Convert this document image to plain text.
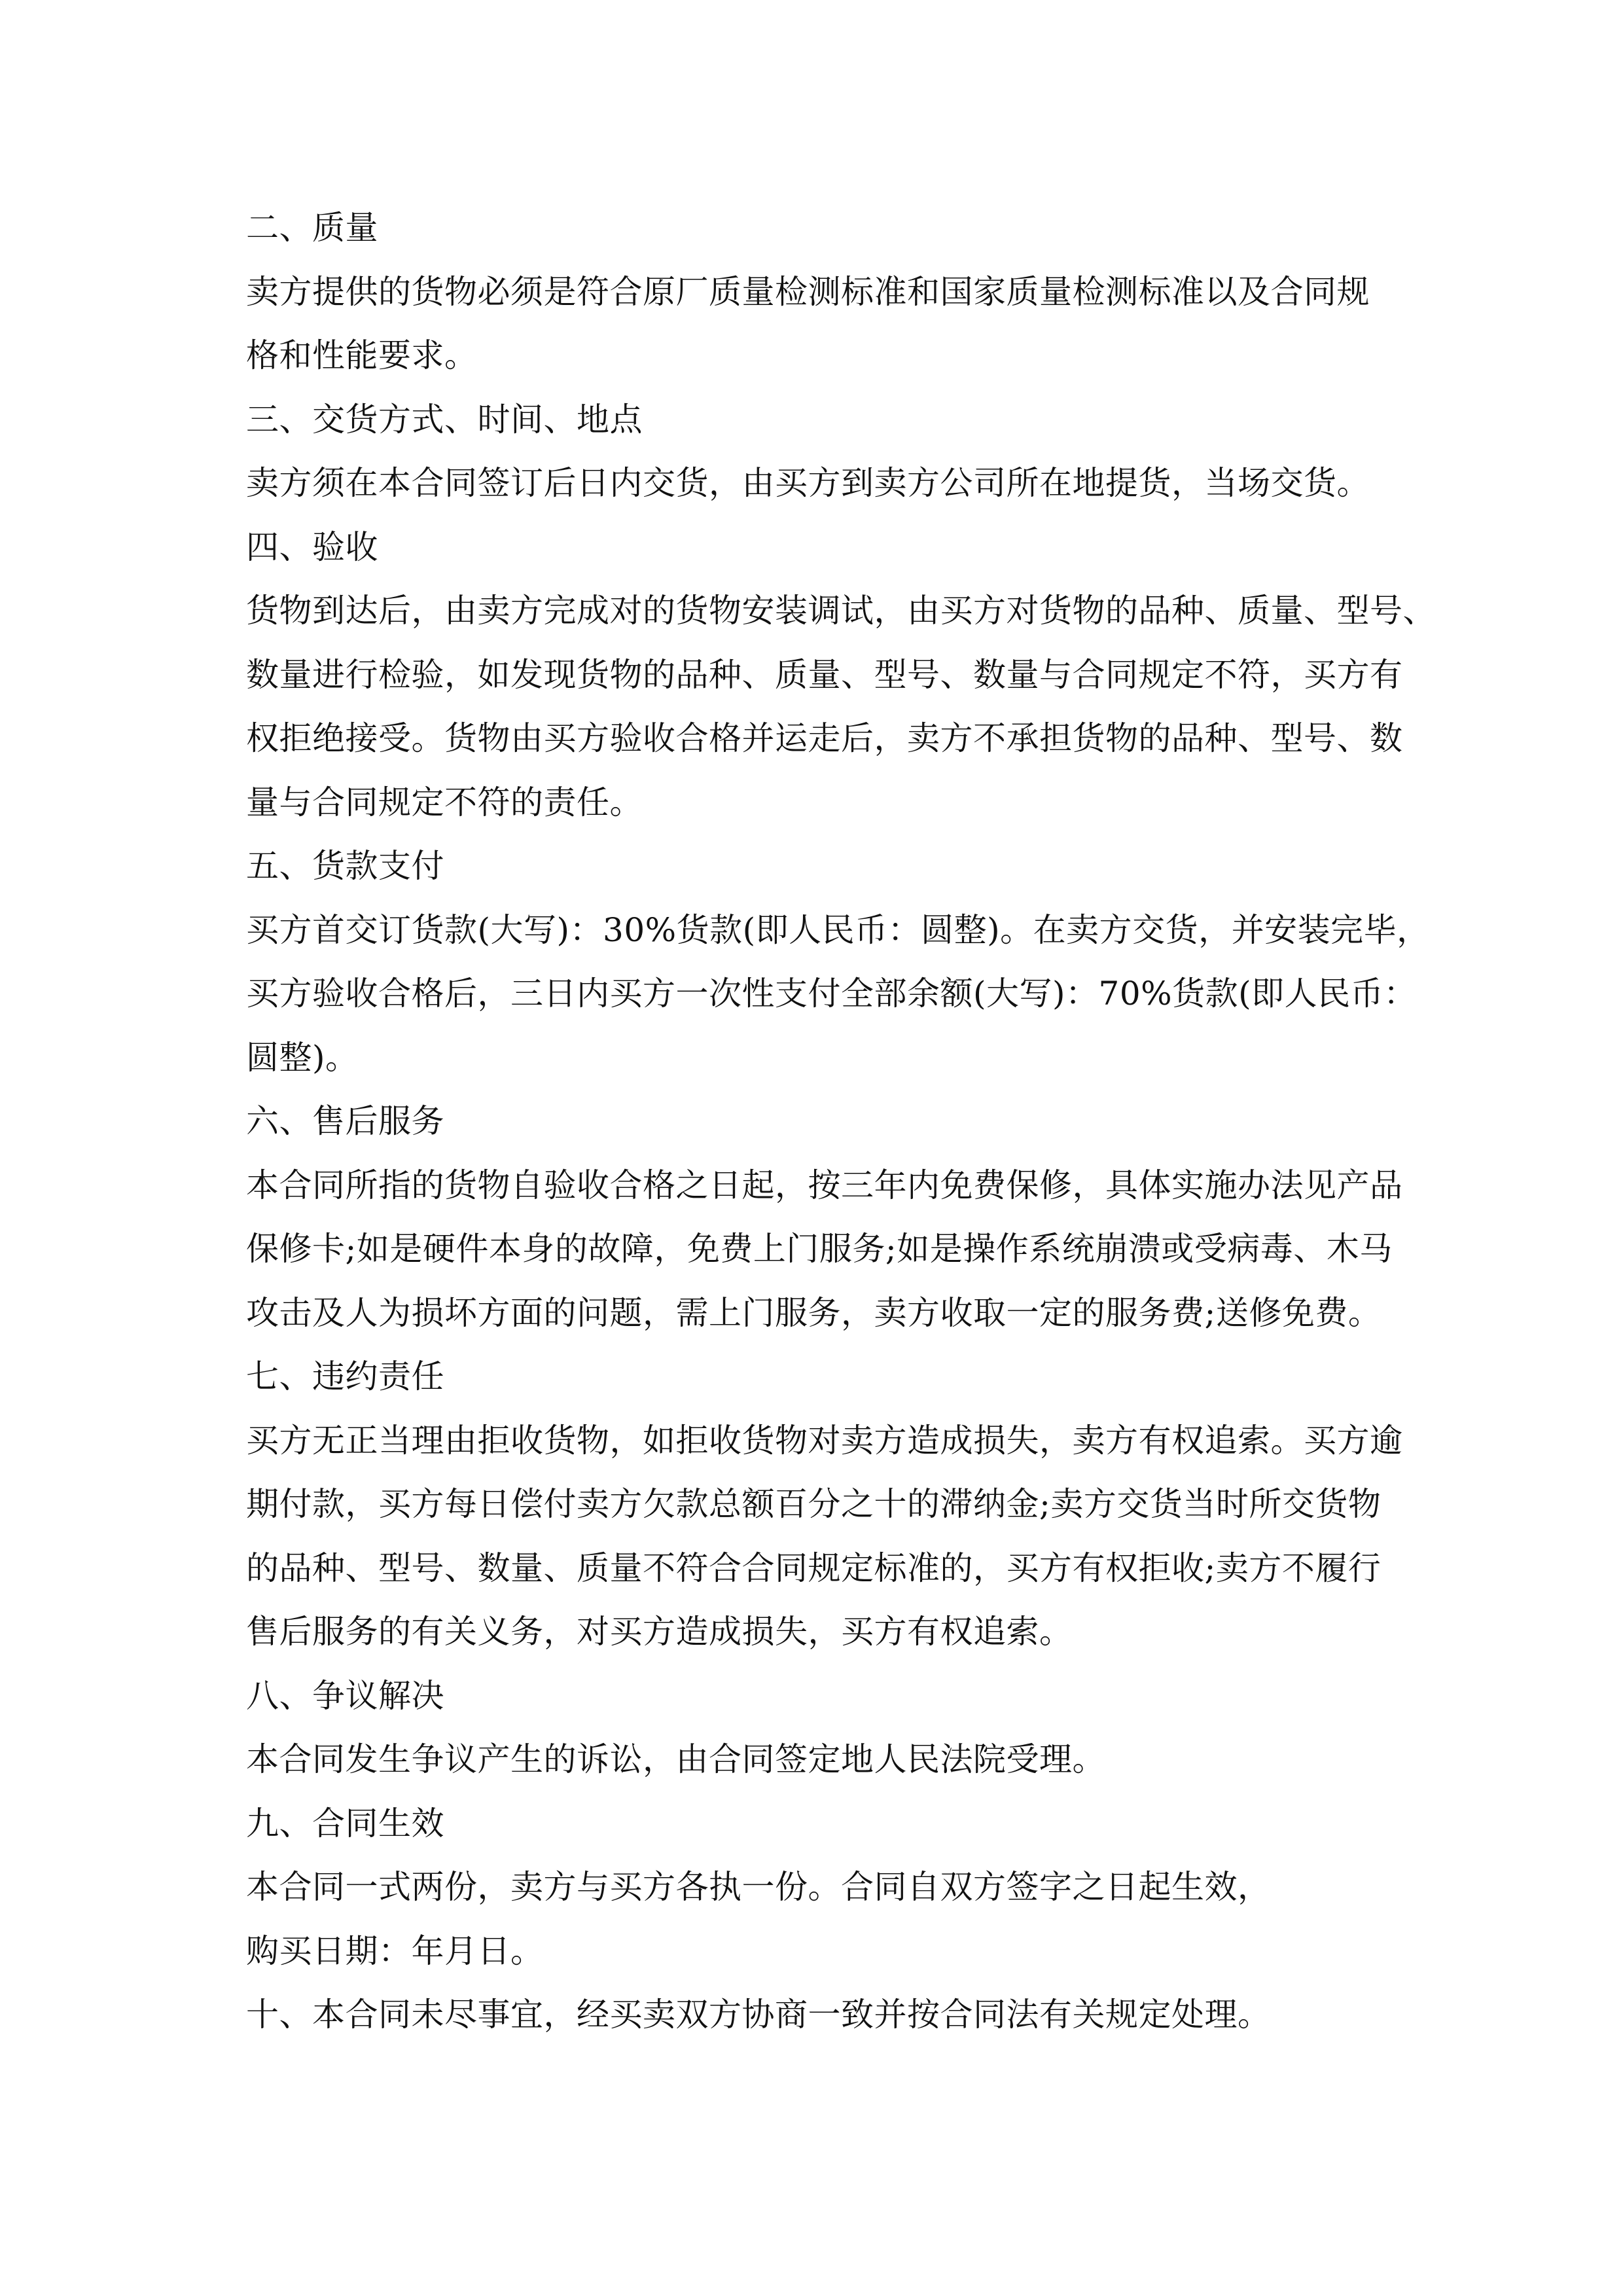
二、质量
卖方提供的货物必须是符合原厂质量检测标准和国家质量检测标准以及合同规
格和性能要求。
三、交货方式、时间、地点
卖方须在本合同签订后日内交货，由买方到卖方公司所在地提货，当场交货。
四、验收
货物到达后，由卖方完成对的货物安装调试，由买方对货物的品种、质量、型号、
数量进行检验，如发现货物的品种、质量、型号、数量与合同规定不符，买方有
权拒绝接受。货物由买方验收合格并运走后，卖方不承担货物的品种、型号、数
量与合同规定不符的责任。
五、货款支付
买方首交订货款(大写)：30%货款(即人民币：圆整)。在卖方交货，并安装完毕，
买方验收合格后，三日内买方一次性支付全部余额(大写)：70%货款(即人民币：
圆整)。
六、售后服务
本合同所指的货物自验收合格之日起，按三年内免费保修，具体实施办法见产品
保修卡;如是硬件本身的故障，免费上门服务;如是操作系统崩溃或受病毒、木马
攻击及人为损坏方面的问题，需上门服务，卖方收取一定的服务费;送修免费。
七、违约责任
买方无正当理由拒收货物，如拒收货物对卖方造成损失，卖方有权追索。买方逾
期付款，买方每日偿付卖方欠款总额百分之十的滞纳金;卖方交货当时所交货物
的品种、型号、数量、质量不符合合同规定标准的，买方有权拒收;卖方不履行
售后服务的有关义务，对买方造成损失，买方有权追索。
八、争议解决
本合同发生争议产生的诉讼，由合同签定地人民法院受理。
九、合同生效
本合同一式两份，卖方与买方各执一份。合同自双方签字之日起生效，
购买日期：年月日。
十、本合同未尽事宜，经买卖双方协商一致并按合同法有关规定处理。
